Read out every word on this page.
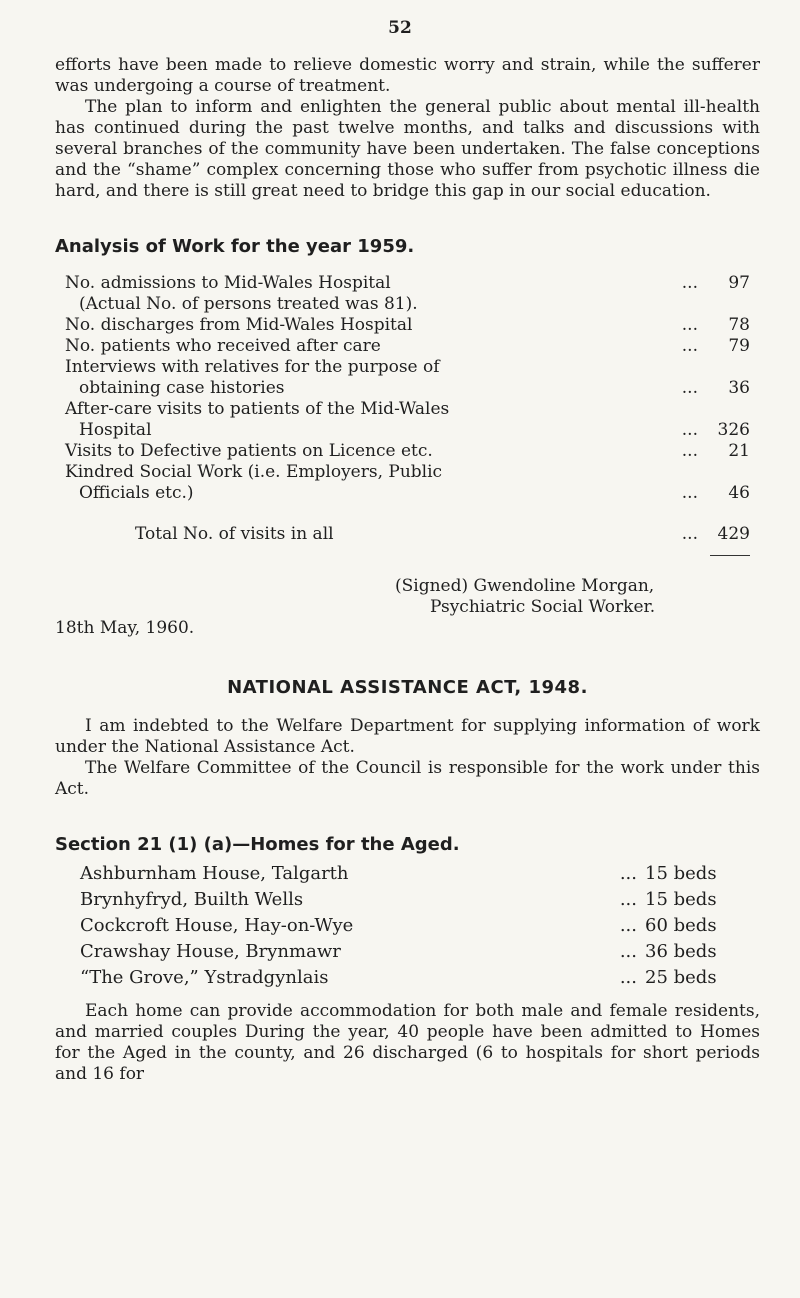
52

efforts have been made to relieve domestic worry and strain, while the sufferer was undergoing a course of treatment.

The plan to inform and enlighten the general public about mental ill-health has continued during the past twelve months, and talks and discussions with several branches of the community have been undertaken. The false conceptions and the “shame” complex concerning those who suffer from psychotic illness die hard, and there is still great need to bridge this gap in our social education.

Analysis of Work for the year 1959.
No. admissions to Mid-Wales Hospital	...	97
(Actual No. of persons treated was 81).
No. discharges from Mid-Wales Hospital	...	78
No. patients who received after care	...	79
Interviews with relatives for the purpose of
obtaining case histories	...	36
After-care visits to patients of the Mid-Wales
Hospital	...	326
Visits to Defective patients on Licence etc.	...	21
Kindred Social Work (i.e. Employers, Public
Officials etc.)	...	46
Total No. of visits in all	...	429
(Signed) Gwendoline Morgan,
Psychiatric Social Worker.
18th May, 1960.
NATIONAL ASSISTANCE ACT, 1948.

I am indebted to the Welfare Department for supplying information of work under the National Assistance Act.

The Welfare Committee of the Council is responsible for the work under this Act.

Section 21 (1) (a)—Homes for the Aged.
Ashburnham House, Talgarth	... 15 beds
Brynhyfryd, Builth Wells	... 15 beds
Cockcroft House, Hay-on-Wye	... 60 beds
Crawshay House, Brynmawr	... 36 beds
“The Grove,” Ystradgynlais	... 25 beds

Each home can provide accommodation for both male and female residents, and married couples During the year, 40 people have been admitted to Homes for the Aged in the county, and 26 discharged (6 to hospitals for short periods and 16 for
